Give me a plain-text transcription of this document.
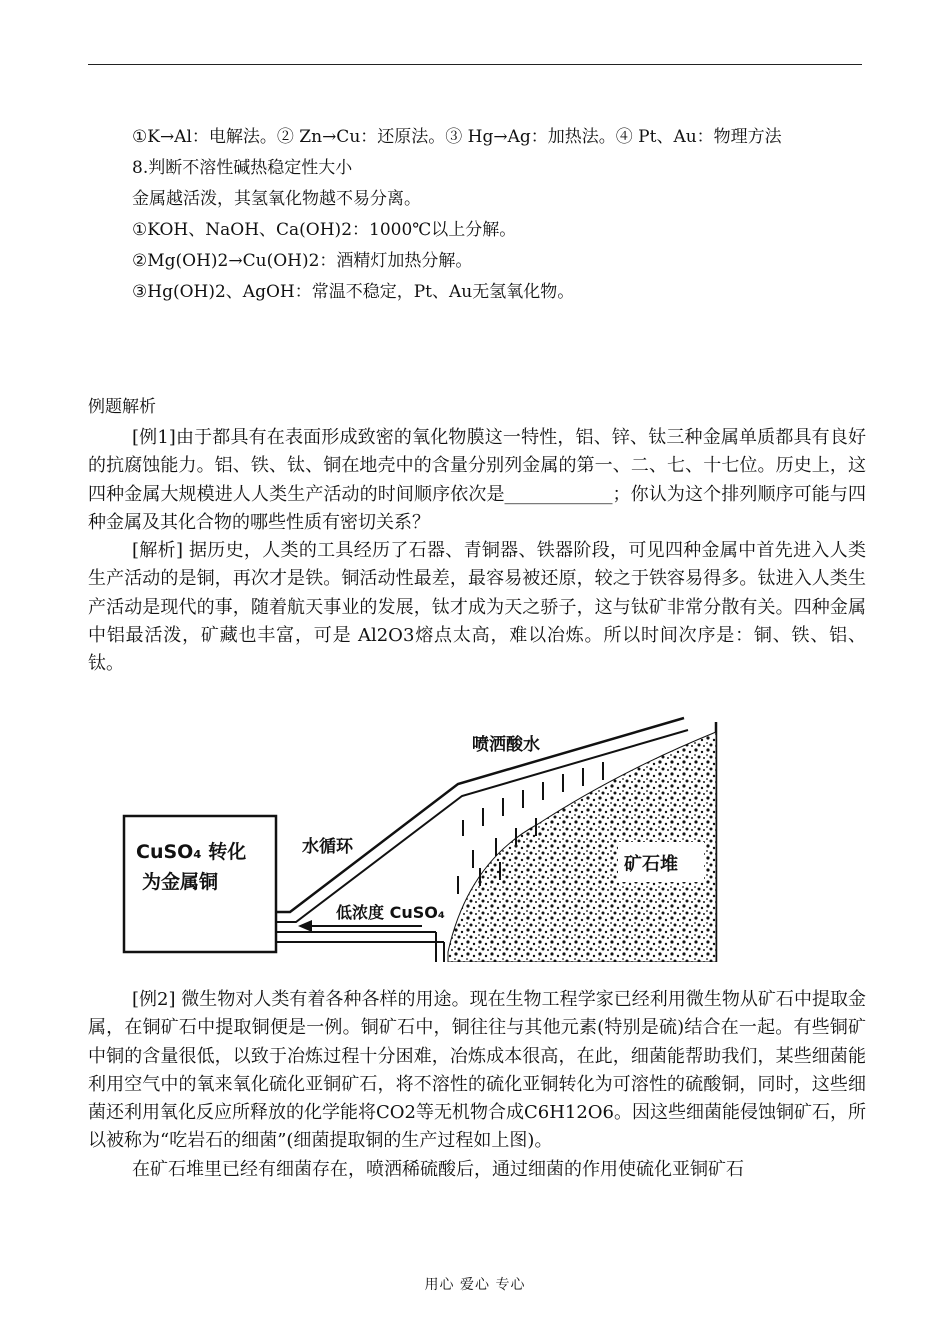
①K→Al：电解法。② Zn→Cu：还原法。③ Hg→Ag：加热法。④ Pt、Au：物理方法
8.判断不溶性碱热稳定性大小
金属越活泼，其氢氧化物越不易分离。
①KOH、NaOH、Ca(OH)2：1000℃以上分解。
②Mg(OH)2→Cu(OH)2：酒精灯加热分解。
③Hg(OH)2、AgOH：常温不稳定，Pt、Au无氢氧化物。
例题解析

[例1]由于都具有在表面形成致密的氧化物膜这一特性，铝、锌、钛三种金属单质都具有良好的抗腐蚀能力。铝、铁、钛、铜在地壳中的含量分别列金属的第一、二、七、十七位。历史上，这四种金属大规模进人人类生产活动的时间顺序依次是____________；你认为这个排列顺序可能与四种金属及其化合物的哪些性质有密切关系？

[解析] 据历史，人类的工具经历了石器、青铜器、铁器阶段，可见四种金属中首先进入人类生产活动的是铜，再次才是铁。铜活动性最差，最容易被还原，较之于铁容易得多。钛进入人类生产活动是现代的事，随着航天事业的发展，钛才成为天之骄子，这与钛矿非常分散有关。四种金属中铝最活泼，矿藏也丰富，可是 Al2O3熔点太高，难以冶炼。所以时间次序是：铜、铁、铝、钛。

CuSO₄ 转化
为金属铜
矿石堆
喷洒酸水
水循环
低浓度 CuSO₄

[例2] 微生物对人类有着各种各样的用途。现在生物工程学家已经利用微生物从矿石中提取金属，在铜矿石中提取铜便是一例。铜矿石中，铜往往与其他元素(特别是硫)结合在一起。有些铜矿中铜的含量很低，以致于冶炼过程十分困难，冶炼成本很高，在此，细菌能帮助我们，某些细菌能利用空气中的氧来氧化硫化亚铜矿石，将不溶性的硫化亚铜转化为可溶性的硫酸铜，同时，这些细菌还利用氧化反应所释放的化学能将CO2等无机物合成C6H12O6。因这些细菌能侵蚀铜矿石，所以被称为“吃岩石的细菌”(细菌提取铜的生产过程如上图)。

在矿石堆里已经有细菌存在，喷洒稀硫酸后，通过细菌的作用使硫化亚铜矿石

用心 爱心 专心
